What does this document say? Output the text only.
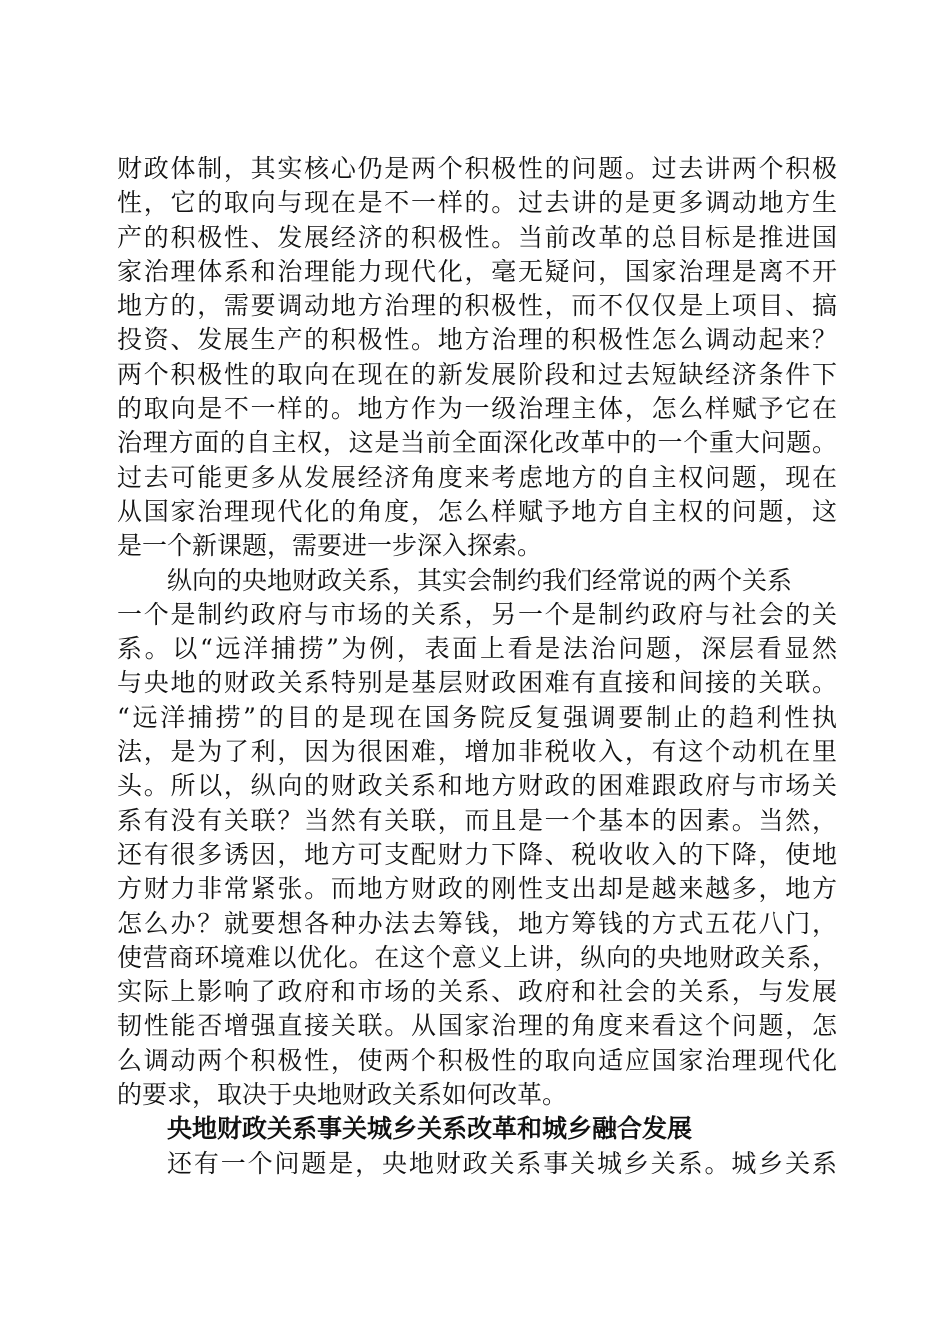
财政体制，其实核心仍是两个积极性的问题。过去讲两个积极
性，它的取向与现在是不一样的。过去讲的是更多调动地方生
产的积极性、发展经济的积极性。当前改革的总目标是推进国
家治理体系和治理能力现代化，毫无疑问，国家治理是离不开
地方的，需要调动地方治理的积极性，而不仅仅是上项目、搞
投资、发展生产的积极性。地方治理的积极性怎么调动起来？
两个积极性的取向在现在的新发展阶段和过去短缺经济条件下
的取向是不一样的。地方作为一级治理主体，怎么样赋予它在
治理方面的自主权，这是当前全面深化改革中的一个重大问题。
过去可能更多从发展经济角度来考虑地方的自主权问题，现在
从国家治理现代化的角度，怎么样赋予地方自主权的问题，这
是一个新课题，需要进一步深入探索。
纵向的央地财政关系，其实会制约我们经常说的两个关系
一个是制约政府与市场的关系，另一个是制约政府与社会的关
系。以“远洋捕捞”为例，表面上看是法治问题，深层看显然
与央地的财政关系特别是基层财政困难有直接和间接的关联。
“远洋捕捞”的目的是现在国务院反复强调要制止的趋利性执
法，是为了利，因为很困难，增加非税收入，有这个动机在里
头。所以，纵向的财政关系和地方财政的困难跟政府与市场关
系有没有关联？当然有关联，而且是一个基本的因素。当然，
还有很多诱因，地方可支配财力下降、税收收入的下降，使地
方财力非常紧张。而地方财政的刚性支出却是越来越多，地方
怎么办？就要想各种办法去筹钱，地方筹钱的方式五花八门，
使营商环境难以优化。在这个意义上讲，纵向的央地财政关系，
实际上影响了政府和市场的关系、政府和社会的关系，与发展
韧性能否增强直接关联。从国家治理的角度来看这个问题，怎
么调动两个积极性，使两个积极性的取向适应国家治理现代化
的要求，取决于央地财政关系如何改革。
央地财政关系事关城乡关系改革和城乡融合发展
还有一个问题是，央地财政关系事关城乡关系。城乡关系
